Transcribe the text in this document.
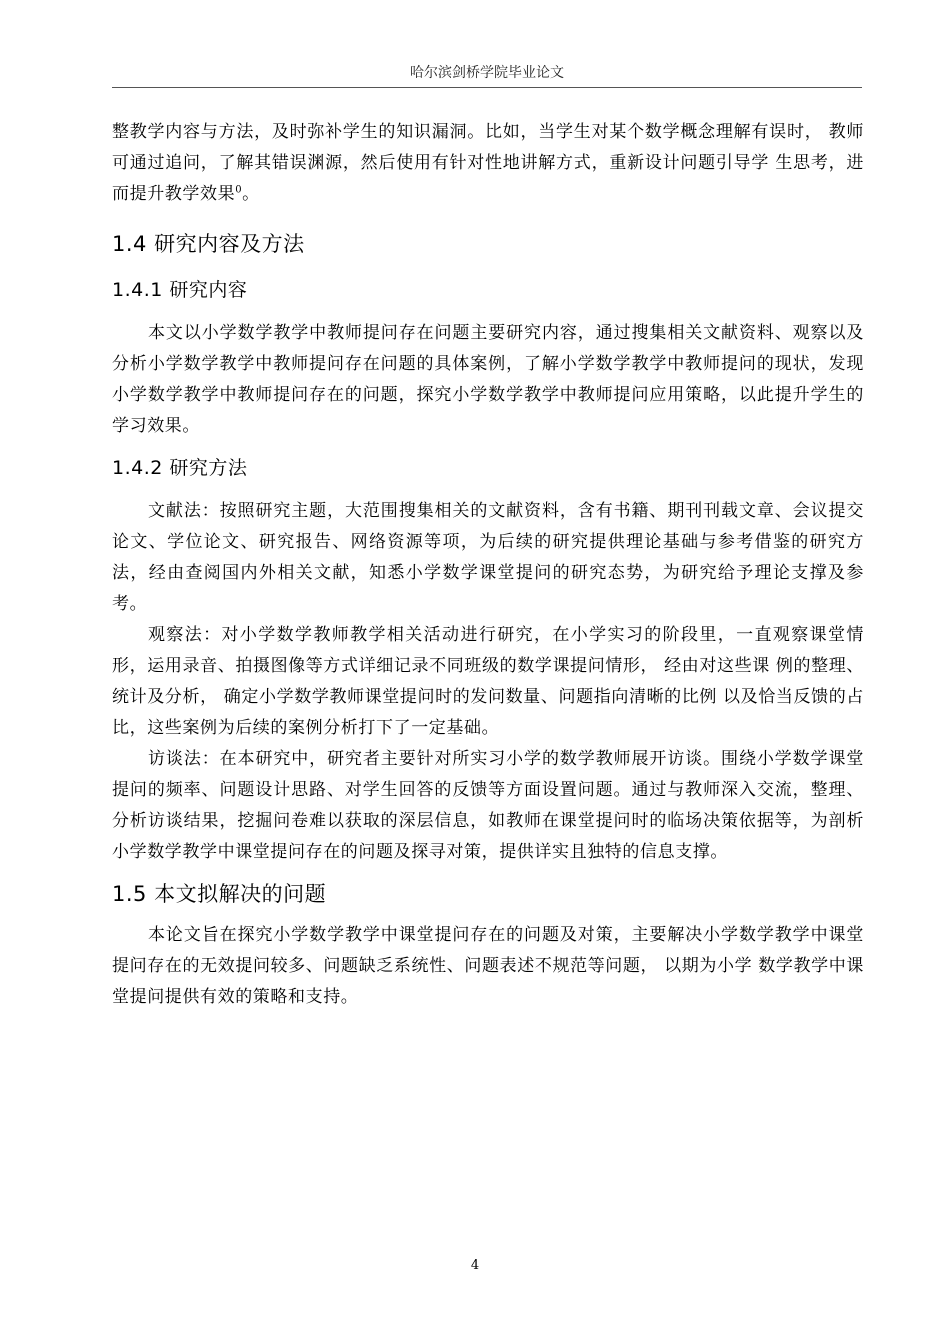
哈尔滨剑桥学院毕业论文

整教学内容与方法，及时弥补学生的知识漏洞。比如，当学生对某个数学概念理解有误时， 教师可通过追问，了解其错误渊源，然后使用有针对性地讲解方式，重新设计问题引导学 生思考，进而提升教学效果$^0$。

1.4 研究内容及方法
1.4.1 研究内容

本文以小学数学教学中教师提问存在问题主要研究内容，通过搜集相关文献资料、观察以及分析小学数学教学中教师提问存在问题的具体案例，了解小学数学教学中教师提问的现状，发现小学数学教学中教师提问存在的问题，探究小学数学教学中教师提问应用策略，以此提升学生的学习效果。

1.4.2 研究方法

文献法：按照研究主题，大范围搜集相关的文献资料，含有书籍、期刊刊载文章、会议提交论文、学位论文、研究报告、网络资源等项，为后续的研究提供理论基础与参考借鉴的研究方法，经由查阅国内外相关文献，知悉小学数学课堂提问的研究态势，为研究给予理论支撑及参考。

观察法：对小学数学教师教学相关活动进行研究，在小学实习的阶段里，一直观察课堂情形，运用录音、拍摄图像等方式详细记录不同班级的数学课提问情形， 经由对这些课 例的整理、统计及分析， 确定小学数学教师课堂提问时的发问数量、问题指向清晰的比例 以及恰当反馈的占比，这些案例为后续的案例分析打下了一定基础。

访谈法：在本研究中，研究者主要针对所实习小学的数学教师展开访谈。围绕小学数学课堂提问的频率、问题设计思路、对学生回答的反馈等方面设置问题。通过与教师深入交流，整理、分析访谈结果，挖掘问卷难以获取的深层信息，如教师在课堂提问时的临场决策依据等，为剖析小学数学教学中课堂提问存在的问题及探寻对策，提供详实且独特的信息支撑。

1.5 本文拟解决的问题

本论文旨在探究小学数学教学中课堂提问存在的问题及对策，主要解决小学数学教学中课堂提问存在的无效提问较多、问题缺乏系统性、问题表述不规范等问题， 以期为小学 数学教学中课堂提问提供有效的策略和支持。

4
